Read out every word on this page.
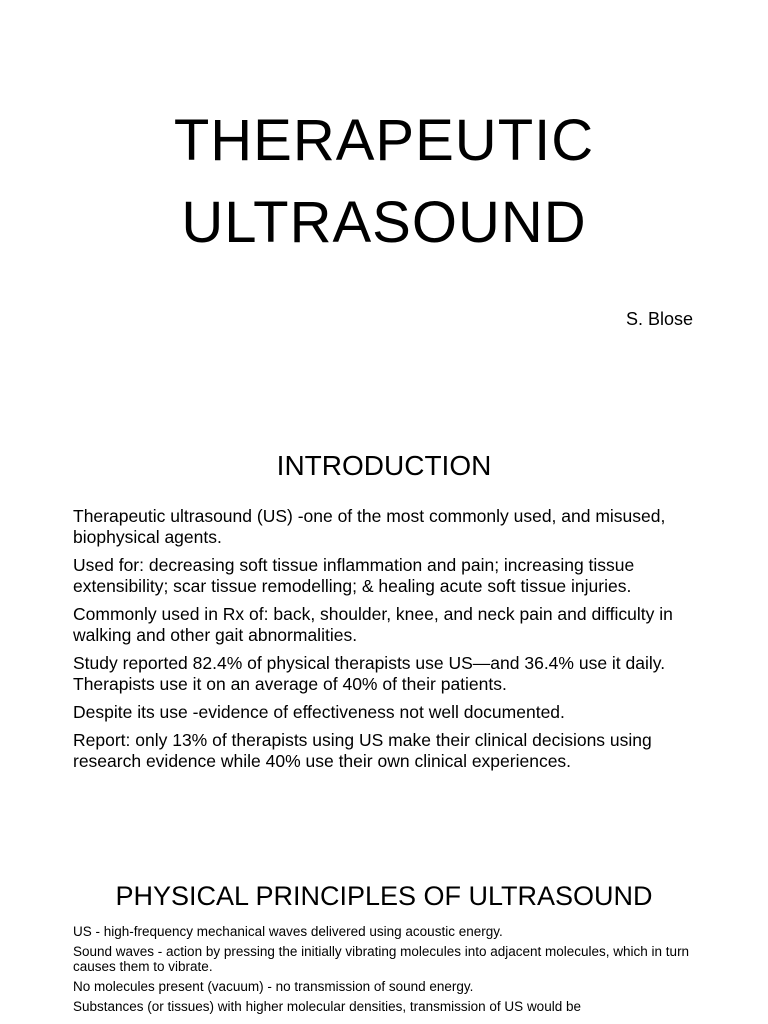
THERAPEUTIC
ULTRASOUND
S. Blose
INTRODUCTION

Therapeutic ultrasound (US) -one of the most commonly used, and misused, biophysical agents.

Used for: decreasing soft tissue inflammation and pain; increasing tissue extensibility; scar tissue remodelling; & healing acute soft tissue injuries.

Commonly used in Rx of: back, shoulder, knee, and neck pain and difficulty in walking and other gait abnormalities.

Study reported 82.4% of physical therapists use US—and 36.4% use it daily. Therapists use it on an average of 40% of their patients.

Despite its use -evidence of effectiveness not well documented.

Report: only 13% of therapists using US make their clinical decisions using research evidence while 40% use their own clinical experiences.

PHYSICAL PRINCIPLES OF ULTRASOUND

US - high-frequency mechanical waves delivered using acoustic energy.

Sound waves - action by pressing the initially vibrating molecules into adjacent molecules, which in turn causes them to vibrate.

No molecules present (vacuum) - no transmission of sound energy.

Substances (or tissues) with higher molecular densities, transmission of US would be
